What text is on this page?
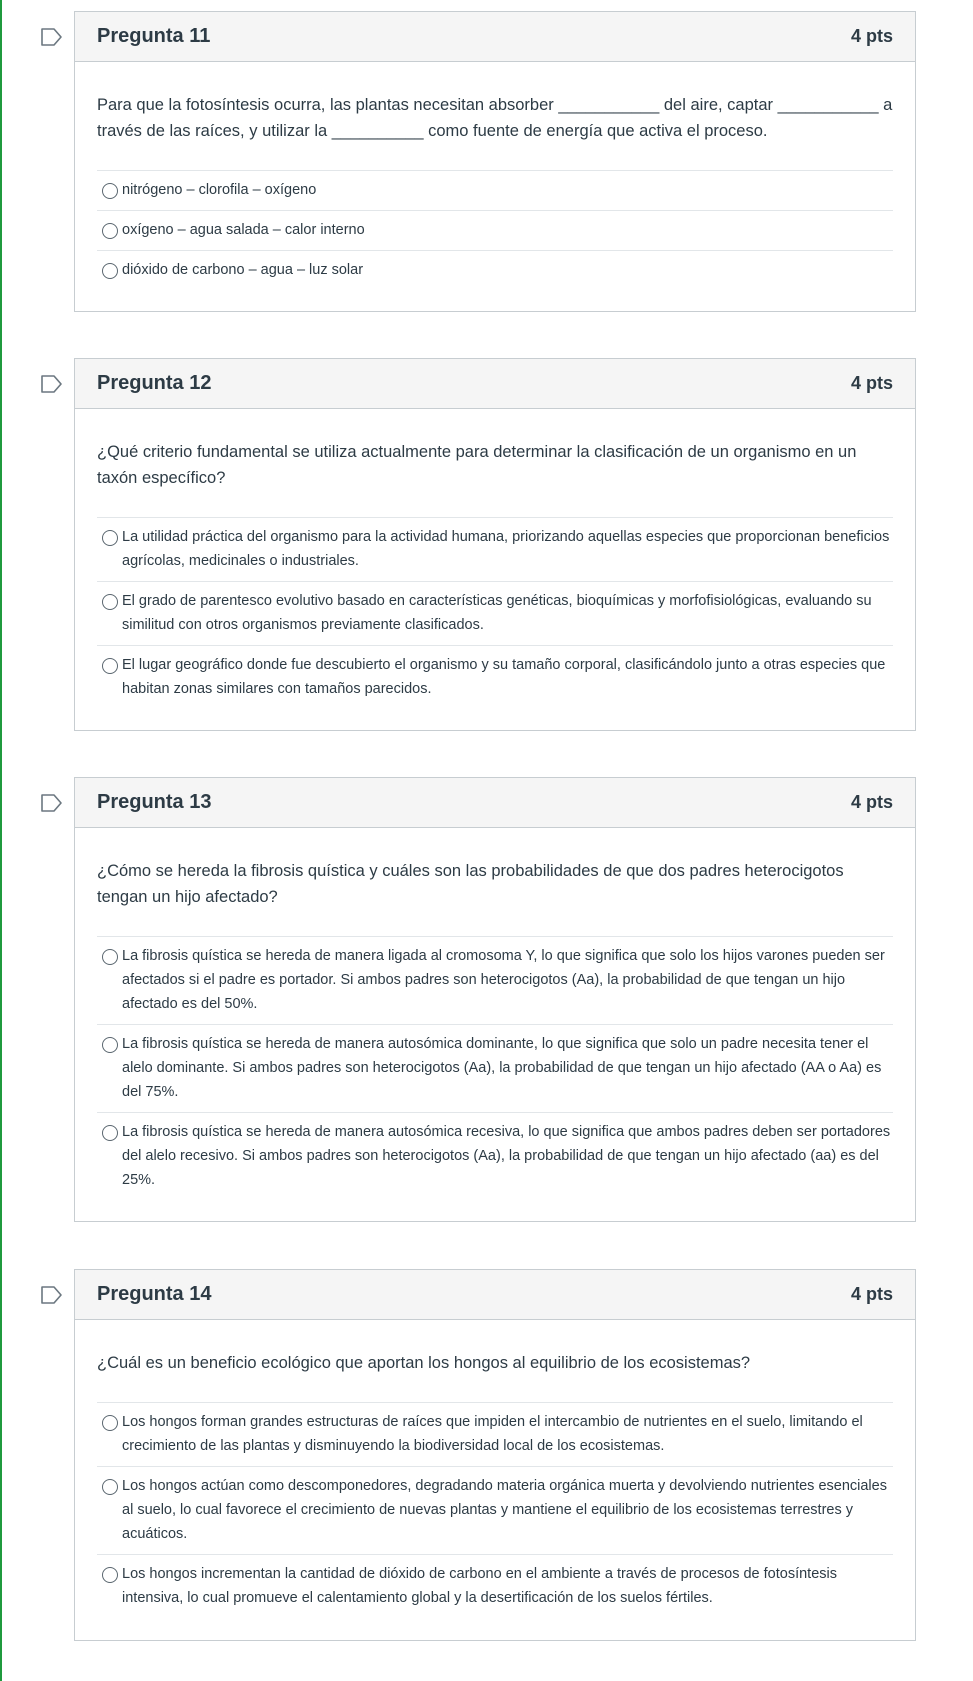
Pregunta 11	4 pts

Para que la fotosíntesis ocurra, las plantas necesitan absorber ___________ del aire, captar ___________ a través de las raíces, y utilizar la __________ como fuente de energía que activa el proceso.

nitrógeno – clorofila – oxígeno
oxígeno – agua salada – calor interno
dióxido de carbono – agua – luz solar
Pregunta 12	4 pts

¿Qué criterio fundamental se utiliza actualmente para determinar la clasificación de un organismo en un taxón específico?

La utilidad práctica del organismo para la actividad humana, priorizando aquellas especies que proporcionan beneficios agrícolas, medicinales o industriales.
El grado de parentesco evolutivo basado en características genéticas, bioquímicas y morfofisiológicas, evaluando su similitud con otros organismos previamente clasificados.
El lugar geográfico donde fue descubierto el organismo y su tamaño corporal, clasificándolo junto a otras especies que habitan zonas similares con tamaños parecidos.
Pregunta 13	4 pts

¿Cómo se hereda la fibrosis quística y cuáles son las probabilidades de que dos padres heterocigotos tengan un hijo afectado?

La fibrosis quística se hereda de manera ligada al cromosoma Y, lo que significa que solo los hijos varones pueden ser afectados si el padre es portador. Si ambos padres son heterocigotos (Aa), la probabilidad de que tengan un hijo afectado es del 50%.
La fibrosis quística se hereda de manera autosómica dominante, lo que significa que solo un padre necesita tener el alelo dominante. Si ambos padres son heterocigotos (Aa), la probabilidad de que tengan un hijo afectado (AA o Aa) es del 75%.
La fibrosis quística se hereda de manera autosómica recesiva, lo que significa que ambos padres deben ser portadores del alelo recesivo. Si ambos padres son heterocigotos (Aa), la probabilidad de que tengan un hijo afectado (aa) es del 25%.
Pregunta 14	4 pts

¿Cuál es un beneficio ecológico que aportan los hongos al equilibrio de los ecosistemas?

Los hongos forman grandes estructuras de raíces que impiden el intercambio de nutrientes en el suelo, limitando el crecimiento de las plantas y disminuyendo la biodiversidad local de los ecosistemas.
Los hongos actúan como descomponedores, degradando materia orgánica muerta y devolviendo nutrientes esenciales al suelo, lo cual favorece el crecimiento de nuevas plantas y mantiene el equilibrio de los ecosistemas terrestres y acuáticos.
Los hongos incrementan la cantidad de dióxido de carbono en el ambiente a través de procesos de fotosíntesis intensiva, lo cual promueve el calentamiento global y la desertificación de los suelos fértiles.
